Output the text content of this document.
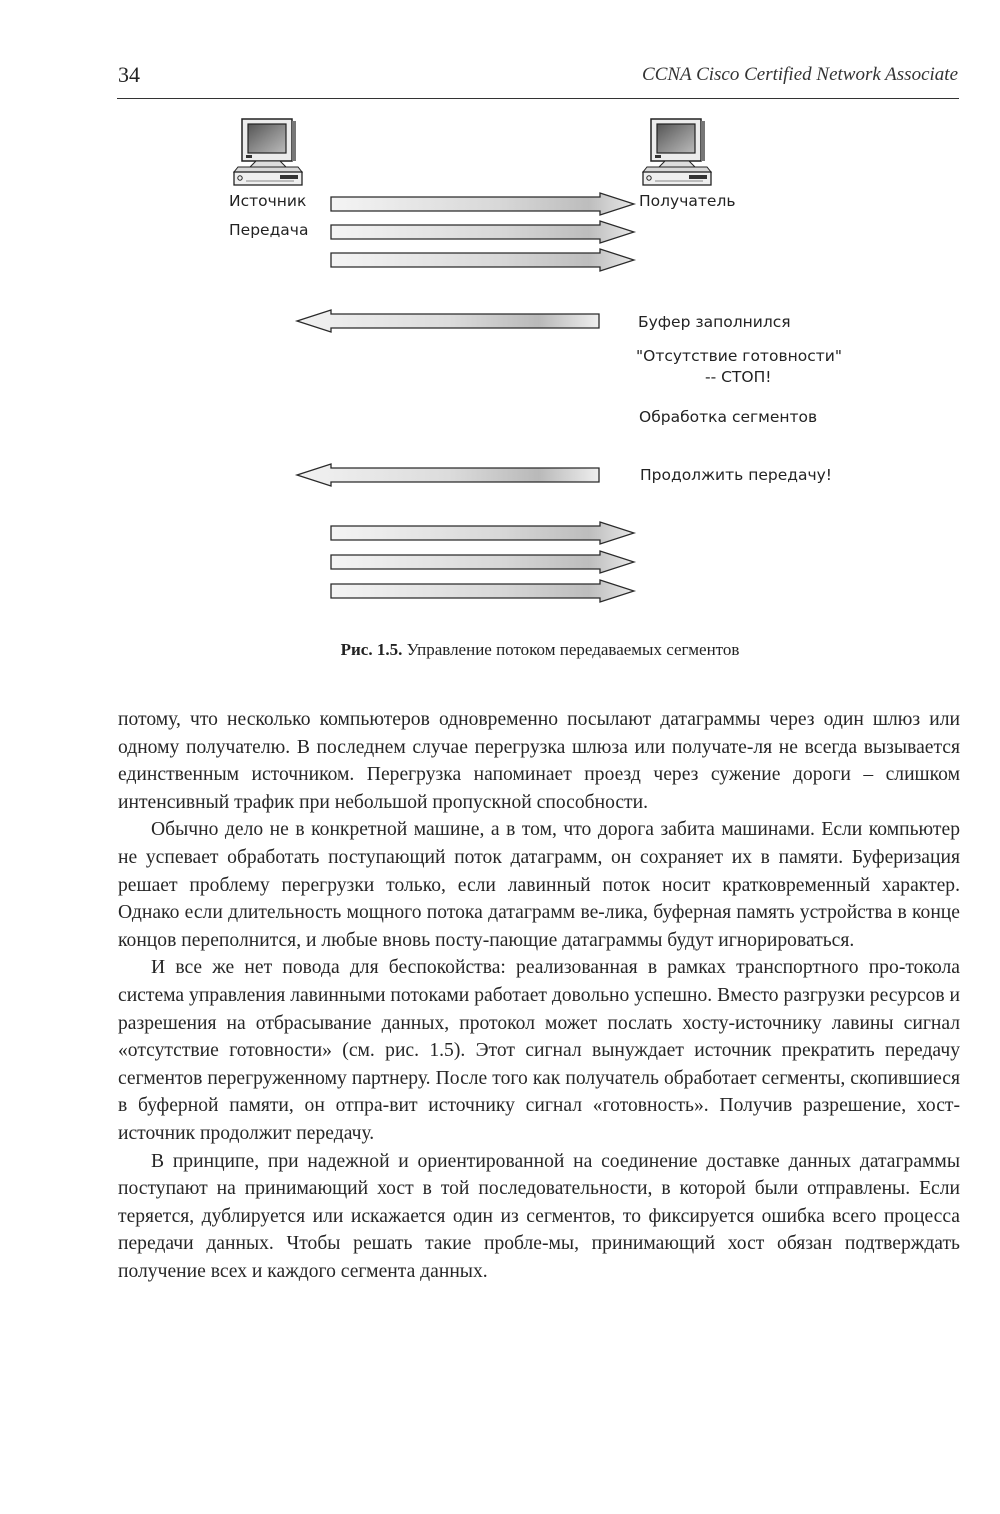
34	CCNA Cisco Certified Network Associate
Источник
Передача
Получатель
Буфер заполнился
"Отсутствие готовности"
-- СТОП!
Обработка сегментов
Продолжить передачу!
Рис. 1.5. Управление потоком передаваемых сегментов

потому, что несколько компьютеров одновременно посылают датаграммы через один шлюз или одному получателю. В последнем случае перегрузка шлюза или получате-ля не всегда вызывается единственным источником. Перегрузка напоминает проезд через сужение дороги – слишком интенсивный трафик при небольшой пропускной способности.

Обычно дело не в конкретной машине, а в том, что дорога забита машинами. Если компьютер не успевает обработать поступающий поток датаграмм, он сохраняет их в памяти. Буферизация решает проблему перегрузки только, если лавинный поток носит кратковременный характер. Однако если длительность мощного потока датаграмм ве-лика, буферная память устройства в конце концов переполнится, и любые вновь посту-пающие датаграммы будут игнорироваться.

И все же нет повода для беспокойства: реализованная в рамках транспортного про-токола система управления лавинными потоками работает довольно успешно. Вместо разгрузки ресурсов и разрешения на отбрасывание данных, протокол может послать хосту-источнику лавины сигнал «отсутствие готовности» (см. рис. 1.5). Этот сигнал вынуждает источник прекратить передачу сегментов перегруженному партнеру. После того как получатель обработает сегменты, скопившиеся в буферной памяти, он отпра-вит источнику сигнал «готовность». Получив разрешение, хост-источник продолжит передачу.

В принципе, при надежной и ориентированной на соединение доставке данных датаграммы поступают на принимающий хост в той последовательности, в которой были отправлены. Если теряется, дублируется или искажается один из сегментов, то фиксируется ошибка всего процесса передачи данных. Чтобы решать такие пробле-мы, принимающий хост обязан подтверждать получение всех и каждого сегмента данных.
